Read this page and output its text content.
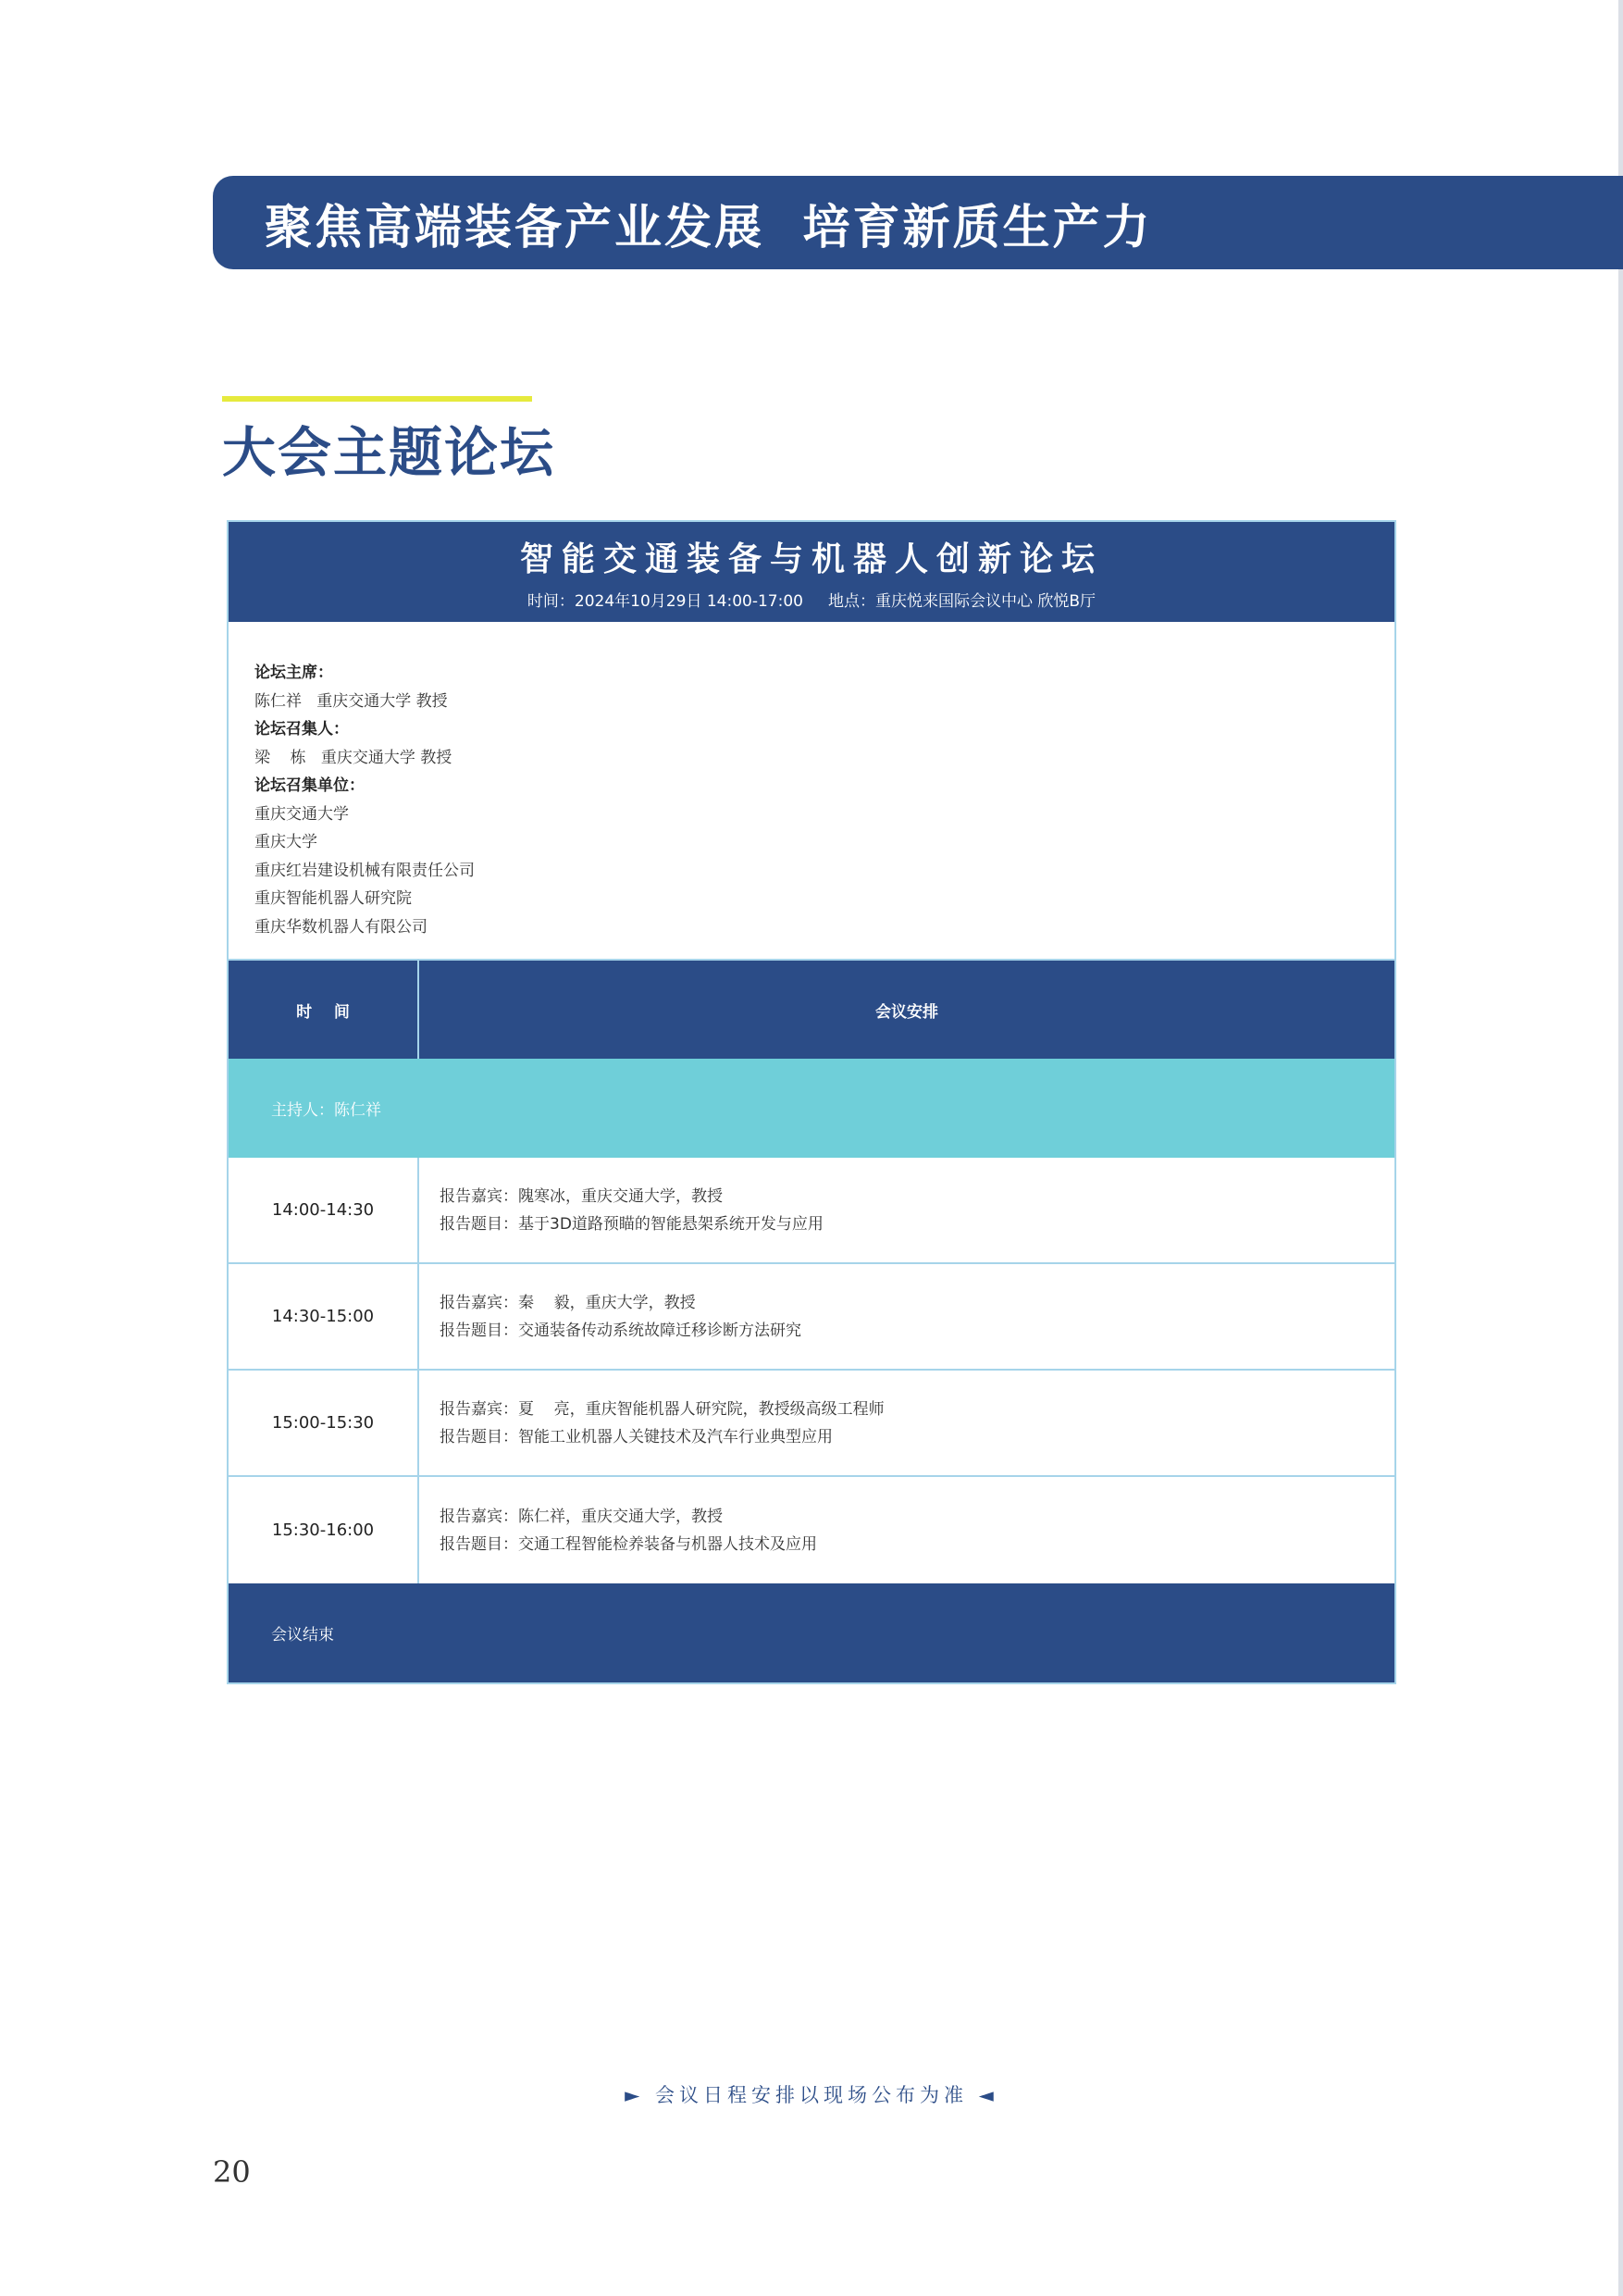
聚焦高端装备产业发展  培育新质生产力
大会主题论坛
智能交通装备与机器人创新论坛
时间：2024年10月29日 14:00-17:00     地点：重庆悦来国际会议中心 欣悦B厅
论坛主席：
陈仁祥   重庆交通大学 教授
论坛召集人：
梁    栋   重庆交通大学 教授
论坛召集单位：
重庆交通大学
重庆大学
重庆红岩建设机械有限责任公司
重庆智能机器人研究院
重庆华数机器人有限公司
时    间	会议安排
主持人：陈仁祥
14:00-14:30
报告嘉宾：隗寒冰，重庆交通大学，教授
报告题目：基于3D道路预瞄的智能悬架系统开发与应用
14:30-15:00
报告嘉宾：秦    毅，重庆大学，教授
报告题目：交通装备传动系统故障迁移诊断方法研究
15:00-15:30
报告嘉宾：夏    亮，重庆智能机器人研究院，教授级高级工程师
报告题目：智能工业机器人关键技术及汽车行业典型应用
15:30-16:00
报告嘉宾：陈仁祥，重庆交通大学，教授
报告题目：交通工程智能检养装备与机器人技术及应用
会议结束
► 会议日程安排以现场公布为准 ◄
20
